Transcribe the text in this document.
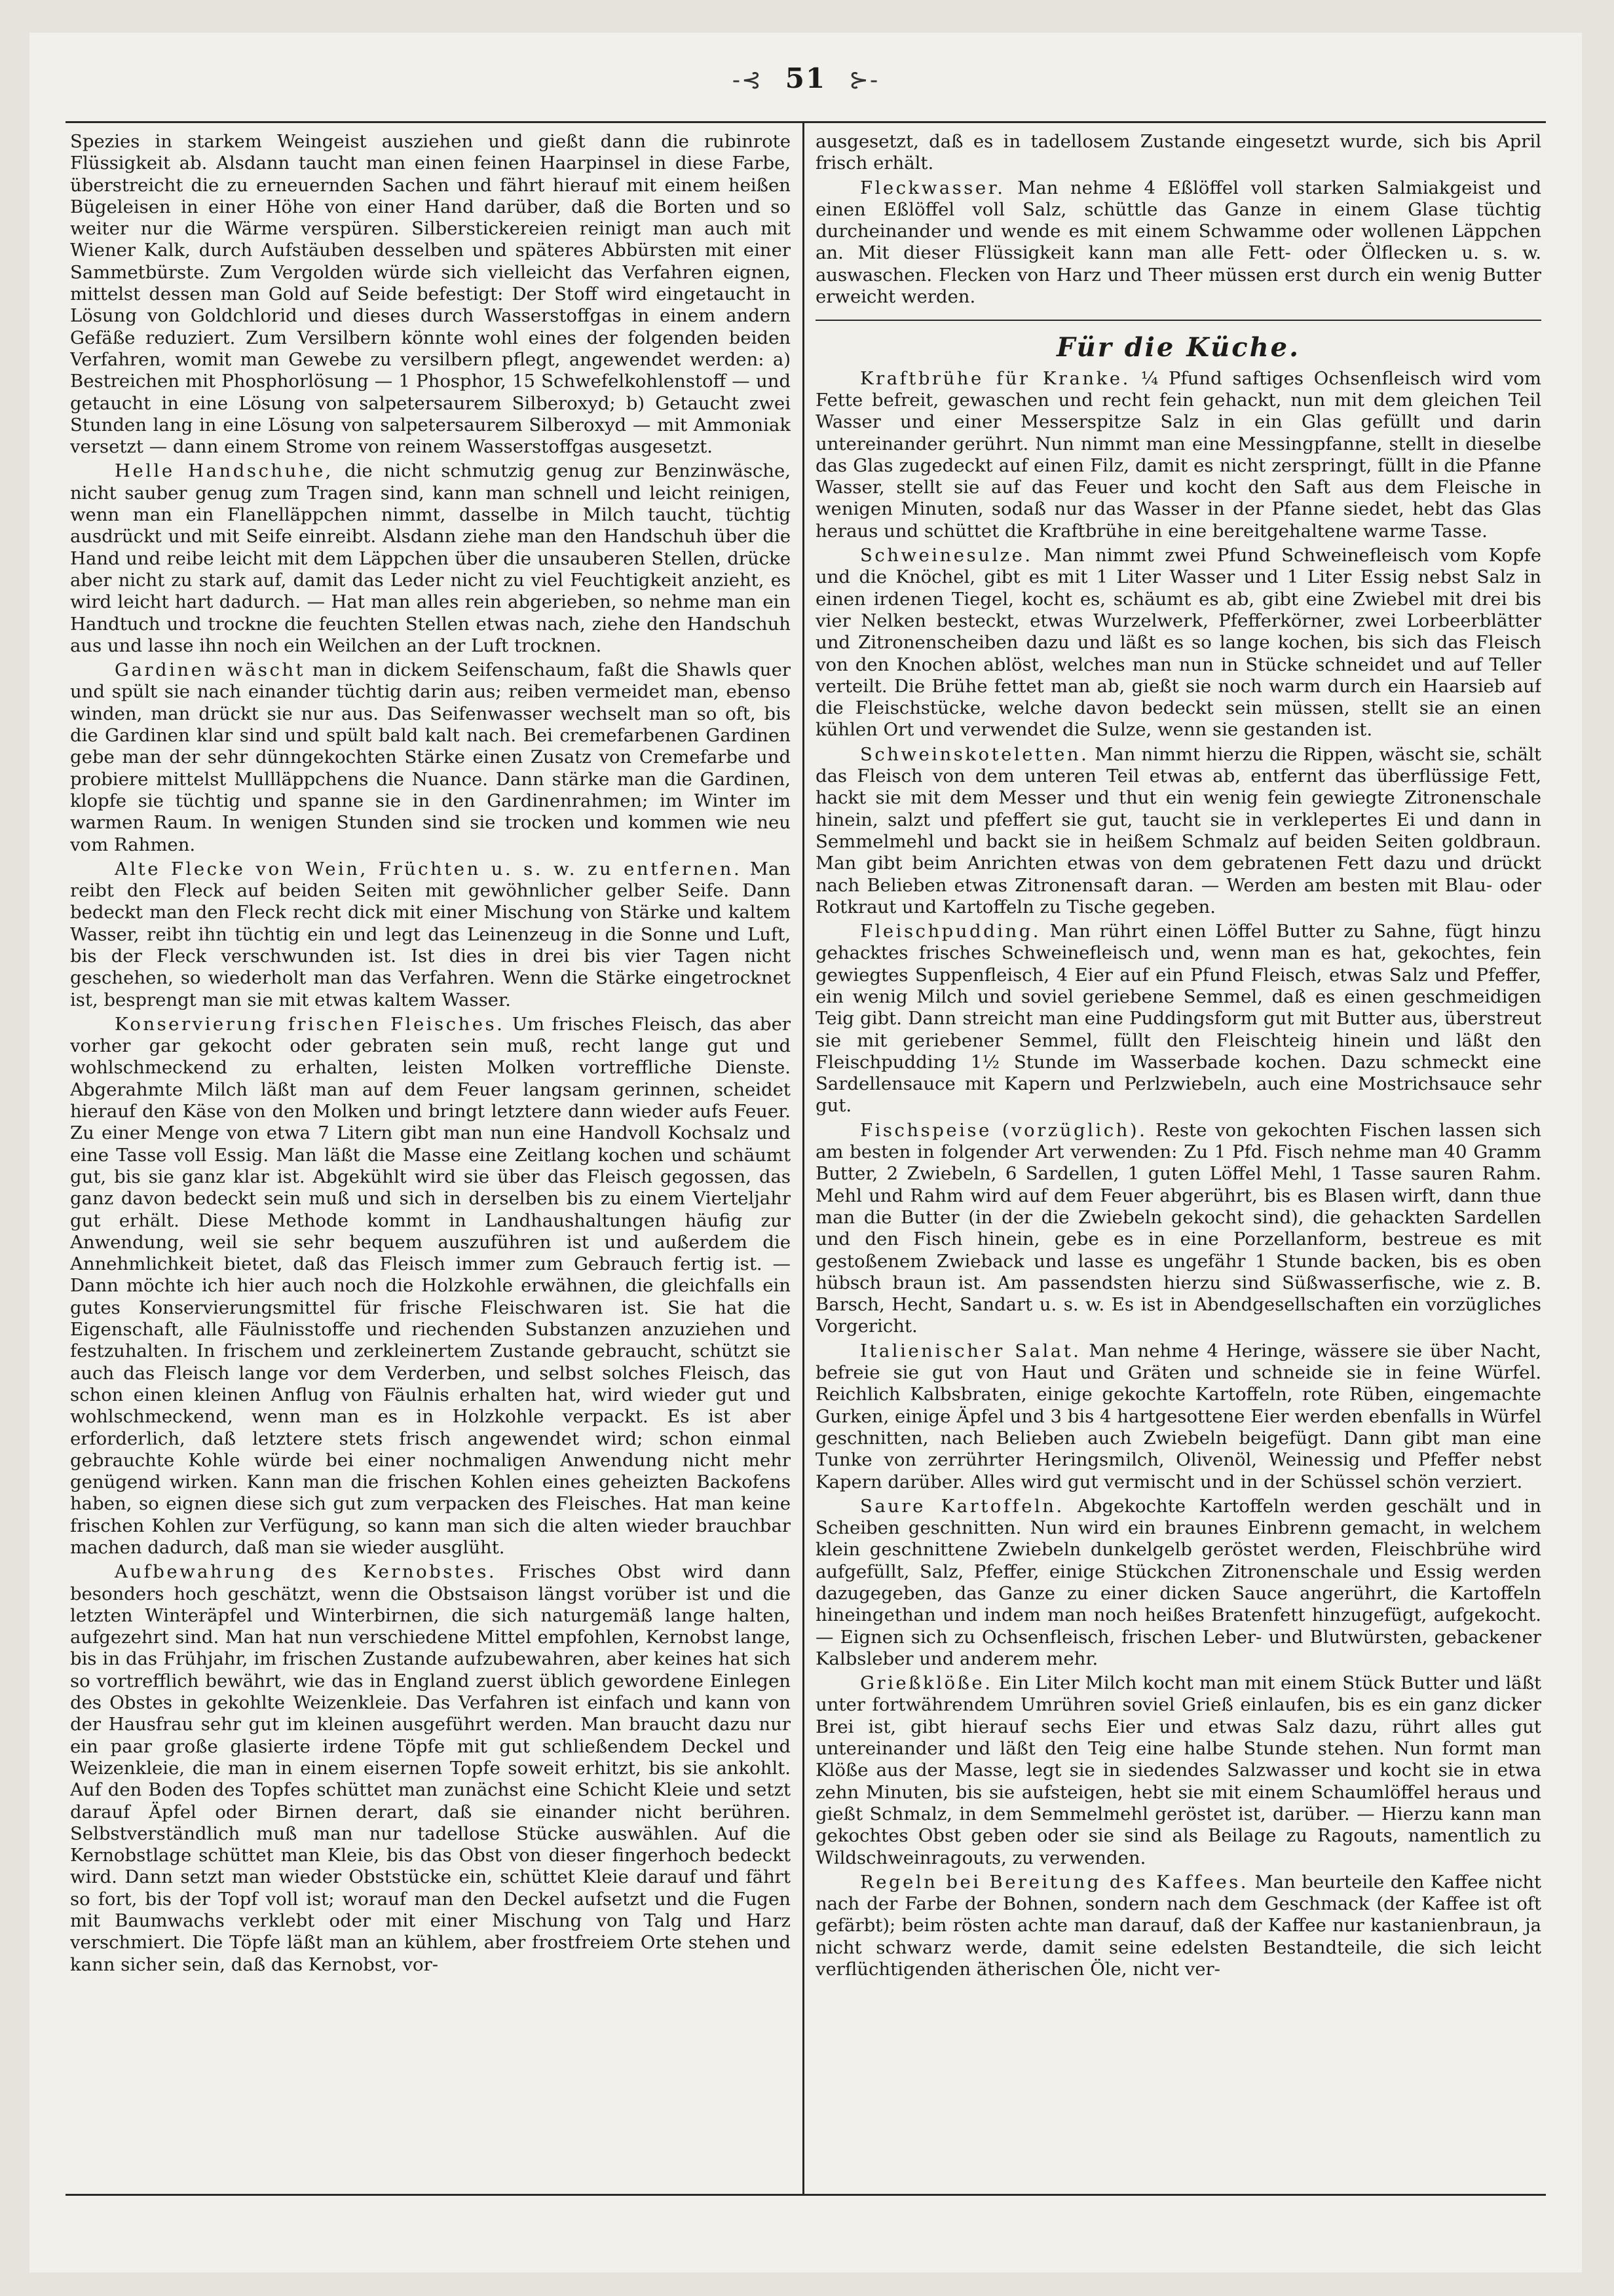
-⊰ 51 ⊱-

Spezies in starkem Weingeist ausziehen und gießt dann die rubinrote Flüssigkeit ab. Alsdann taucht man einen feinen Haarpinsel in diese Farbe, überstreicht die zu erneuernden Sachen und fährt hierauf mit einem heißen Bügeleisen in einer Höhe von einer Hand darüber, daß die Borten und so weiter nur die Wärme verspüren. Silberstickereien reinigt man auch mit Wiener Kalk, durch Aufstäuben desselben und späteres Abbürsten mit einer Sammetbürste. Zum Vergolden würde sich vielleicht das Verfahren eignen, mittelst dessen man Gold auf Seide befestigt: Der Stoff wird eingetaucht in Lösung von Goldchlorid und dieses durch Wasserstoffgas in einem andern Gefäße reduziert. Zum Versilbern könnte wohl eines der folgenden beiden Verfahren, womit man Gewebe zu versilbern pflegt, angewendet werden: a) Bestreichen mit Phosphorlösung — 1 Phosphor, 15 Schwefelkohlenstoff — und getaucht in eine Lösung von salpetersaurem Silberoxyd; b) Getaucht zwei Stunden lang in eine Lösung von salpetersaurem Silberoxyd — mit Ammoniak versetzt — dann einem Strome von reinem Wasserstoffgas ausgesetzt.

Helle Handschuhe, die nicht schmutzig genug zur Benzinwäsche, nicht sauber genug zum Tragen sind, kann man schnell und leicht reinigen, wenn man ein Flanelläppchen nimmt, dasselbe in Milch taucht, tüchtig ausdrückt und mit Seife einreibt. Alsdann ziehe man den Handschuh über die Hand und reibe leicht mit dem Läppchen über die unsauberen Stellen, drücke aber nicht zu stark auf, damit das Leder nicht zu viel Feuchtigkeit anzieht, es wird leicht hart dadurch. — Hat man alles rein abgerieben, so nehme man ein Handtuch und trockne die feuchten Stellen etwas nach, ziehe den Handschuh aus und lasse ihn noch ein Weilchen an der Luft trocknen.

Gardinen wäscht man in dickem Seifenschaum, faßt die Shawls quer und spült sie nach einander tüchtig darin aus; reiben vermeidet man, ebenso winden, man drückt sie nur aus. Das Seifenwasser wechselt man so oft, bis die Gardinen klar sind und spült bald kalt nach. Bei cremefarbenen Gardinen gebe man der sehr dünngekochten Stärke einen Zusatz von Cremefarbe und probiere mittelst Mullläppchens die Nuance. Dann stärke man die Gardinen, klopfe sie tüchtig und spanne sie in den Gardinenrahmen; im Winter im warmen Raum. In wenigen Stunden sind sie trocken und kommen wie neu vom Rahmen.

Alte Flecke von Wein, Früchten u. s. w. zu entfernen. Man reibt den Fleck auf beiden Seiten mit gewöhnlicher gelber Seife. Dann bedeckt man den Fleck recht dick mit einer Mischung von Stärke und kaltem Wasser, reibt ihn tüchtig ein und legt das Leinenzeug in die Sonne und Luft, bis der Fleck verschwunden ist. Ist dies in drei bis vier Tagen nicht geschehen, so wiederholt man das Verfahren. Wenn die Stärke eingetrocknet ist, besprengt man sie mit etwas kaltem Wasser.

Konservierung frischen Fleisches. Um frisches Fleisch, das aber vorher gar gekocht oder gebraten sein muß, recht lange gut und wohlschmeckend zu erhalten, leisten Molken vortreffliche Dienste. Abgerahmte Milch läßt man auf dem Feuer langsam gerinnen, scheidet hierauf den Käse von den Molken und bringt letztere dann wieder aufs Feuer. Zu einer Menge von etwa 7 Litern gibt man nun eine Handvoll Kochsalz und eine Tasse voll Essig. Man läßt die Masse eine Zeitlang kochen und schäumt gut, bis sie ganz klar ist. Abgekühlt wird sie über das Fleisch gegossen, das ganz davon bedeckt sein muß und sich in derselben bis zu einem Vierteljahr gut erhält. Diese Methode kommt in Landhaushaltungen häufig zur Anwendung, weil sie sehr bequem auszuführen ist und außerdem die Annehmlichkeit bietet, daß das Fleisch immer zum Gebrauch fertig ist. — Dann möchte ich hier auch noch die Holzkohle erwähnen, die gleichfalls ein gutes Konservierungsmittel für frische Fleischwaren ist. Sie hat die Eigenschaft, alle Fäulnisstoffe und riechenden Substanzen anzuziehen und festzuhalten. In frischem und zerkleinertem Zustande gebraucht, schützt sie auch das Fleisch lange vor dem Verderben, und selbst solches Fleisch, das schon einen kleinen Anflug von Fäulnis erhalten hat, wird wieder gut und wohlschmeckend, wenn man es in Holzkohle verpackt. Es ist aber erforderlich, daß letztere stets frisch angewendet wird; schon einmal gebrauchte Kohle würde bei einer nochmaligen Anwendung nicht mehr genügend wirken. Kann man die frischen Kohlen eines geheizten Backofens haben, so eignen diese sich gut zum verpacken des Fleisches. Hat man keine frischen Kohlen zur Verfügung, so kann man sich die alten wieder brauchbar machen dadurch, daß man sie wieder ausglüht.

Aufbewahrung des Kernobstes. Frisches Obst wird dann besonders hoch geschätzt, wenn die Obstsaison längst vorüber ist und die letzten Winteräpfel und Winterbirnen, die sich naturgemäß lange halten, aufgezehrt sind. Man hat nun verschiedene Mittel empfohlen, Kernobst lange, bis in das Frühjahr, im frischen Zustande aufzubewahren, aber keines hat sich so vortrefflich bewährt, wie das in England zuerst üblich gewordene Einlegen des Obstes in gekohlte Weizenkleie. Das Verfahren ist einfach und kann von der Hausfrau sehr gut im kleinen ausgeführt werden. Man braucht dazu nur ein paar große glasierte irdene Töpfe mit gut schließendem Deckel und Weizenkleie, die man in einem eisernen Topfe soweit erhitzt, bis sie ankohlt. Auf den Boden des Topfes schüttet man zunächst eine Schicht Kleie und setzt darauf Äpfel oder Birnen derart, daß sie einander nicht berühren. Selbstverständlich muß man nur tadellose Stücke auswählen. Auf die Kernobstlage schüttet man Kleie, bis das Obst von dieser fingerhoch bedeckt wird. Dann setzt man wieder Obststücke ein, schüttet Kleie darauf und fährt so fort, bis der Topf voll ist; worauf man den Deckel aufsetzt und die Fugen mit Baumwachs verklebt oder mit einer Mischung von Talg und Harz verschmiert. Die Töpfe läßt man an kühlem, aber frostfreiem Orte stehen und kann sicher sein, daß das Kernobst, vor-

ausgesetzt, daß es in tadellosem Zustande eingesetzt wurde, sich bis April frisch erhält.

Fleckwasser. Man nehme 4 Eßlöffel voll starken Salmiakgeist und einen Eßlöffel voll Salz, schüttle das Ganze in einem Glase tüchtig durcheinander und wende es mit einem Schwamme oder wollenen Läppchen an. Mit dieser Flüssigkeit kann man alle Fett- oder Ölflecken u. s. w. auswaschen. Flecken von Harz und Theer müssen erst durch ein wenig Butter erweicht werden.

Für die Küche.

Kraftbrühe für Kranke. ¼ Pfund saftiges Ochsenfleisch wird vom Fette befreit, gewaschen und recht fein gehackt, nun mit dem gleichen Teil Wasser und einer Messerspitze Salz in ein Glas gefüllt und darin untereinander gerührt. Nun nimmt man eine Messingpfanne, stellt in dieselbe das Glas zugedeckt auf einen Filz, damit es nicht zerspringt, füllt in die Pfanne Wasser, stellt sie auf das Feuer und kocht den Saft aus dem Fleische in wenigen Minuten, sodaß nur das Wasser in der Pfanne siedet, hebt das Glas heraus und schüttet die Kraftbrühe in eine bereitgehaltene warme Tasse.

Schweinesulze. Man nimmt zwei Pfund Schweinefleisch vom Kopfe und die Knöchel, gibt es mit 1 Liter Wasser und 1 Liter Essig nebst Salz in einen irdenen Tiegel, kocht es, schäumt es ab, gibt eine Zwiebel mit drei bis vier Nelken besteckt, etwas Wurzelwerk, Pfefferkörner, zwei Lorbeerblätter und Zitronenscheiben dazu und läßt es so lange kochen, bis sich das Fleisch von den Knochen ablöst, welches man nun in Stücke schneidet und auf Teller verteilt. Die Brühe fettet man ab, gießt sie noch warm durch ein Haarsieb auf die Fleischstücke, welche davon bedeckt sein müssen, stellt sie an einen kühlen Ort und verwendet die Sulze, wenn sie gestanden ist.

Schweinskoteletten. Man nimmt hierzu die Rippen, wäscht sie, schält das Fleisch von dem unteren Teil etwas ab, entfernt das überflüssige Fett, hackt sie mit dem Messer und thut ein wenig fein gewiegte Zitronenschale hinein, salzt und pfeffert sie gut, taucht sie in verklepertes Ei und dann in Semmelmehl und backt sie in heißem Schmalz auf beiden Seiten goldbraun. Man gibt beim Anrichten etwas von dem gebratenen Fett dazu und drückt nach Belieben etwas Zitronensaft daran. — Werden am besten mit Blau- oder Rotkraut und Kartoffeln zu Tische gegeben.

Fleischpudding. Man rührt einen Löffel Butter zu Sahne, fügt hinzu gehacktes frisches Schweinefleisch und, wenn man es hat, gekochtes, fein gewiegtes Suppenfleisch, 4 Eier auf ein Pfund Fleisch, etwas Salz und Pfeffer, ein wenig Milch und soviel geriebene Semmel, daß es einen geschmeidigen Teig gibt. Dann streicht man eine Puddingsform gut mit Butter aus, überstreut sie mit geriebener Semmel, füllt den Fleischteig hinein und läßt den Fleischpudding 1½ Stunde im Wasserbade kochen. Dazu schmeckt eine Sardellensauce mit Kapern und Perlzwiebeln, auch eine Mostrichsauce sehr gut.

Fischspeise (vorzüglich). Reste von gekochten Fischen lassen sich am besten in folgender Art verwenden: Zu 1 Pfd. Fisch nehme man 40 Gramm Butter, 2 Zwiebeln, 6 Sardellen, 1 guten Löffel Mehl, 1 Tasse sauren Rahm. Mehl und Rahm wird auf dem Feuer abgerührt, bis es Blasen wirft, dann thue man die Butter (in der die Zwiebeln gekocht sind), die gehackten Sardellen und den Fisch hinein, gebe es in eine Porzellanform, bestreue es mit gestoßenem Zwieback und lasse es ungefähr 1 Stunde backen, bis es oben hübsch braun ist. Am passendsten hierzu sind Süßwasserfische, wie z. B. Barsch, Hecht, Sandart u. s. w. Es ist in Abendgesellschaften ein vorzügliches Vorgericht.

Italienischer Salat. Man nehme 4 Heringe, wässere sie über Nacht, befreie sie gut von Haut und Gräten und schneide sie in feine Würfel. Reichlich Kalbsbraten, einige gekochte Kartoffeln, rote Rüben, eingemachte Gurken, einige Äpfel und 3 bis 4 hartgesottene Eier werden ebenfalls in Würfel geschnitten, nach Belieben auch Zwiebeln beigefügt. Dann gibt man eine Tunke von zerrührter Heringsmilch, Olivenöl, Weinessig und Pfeffer nebst Kapern darüber. Alles wird gut vermischt und in der Schüssel schön verziert.

Saure Kartoffeln. Abgekochte Kartoffeln werden geschält und in Scheiben geschnitten. Nun wird ein braunes Einbrenn gemacht, in welchem klein geschnittene Zwiebeln dunkelgelb geröstet werden, Fleischbrühe wird aufgefüllt, Salz, Pfeffer, einige Stückchen Zitronenschale und Essig werden dazugegeben, das Ganze zu einer dicken Sauce angerührt, die Kartoffeln hineingethan und indem man noch heißes Bratenfett hinzugefügt, aufgekocht. — Eignen sich zu Ochsenfleisch, frischen Leber- und Blutwürsten, gebackener Kalbsleber und anderem mehr.

Grießklöße. Ein Liter Milch kocht man mit einem Stück Butter und läßt unter fortwährendem Umrühren soviel Grieß einlaufen, bis es ein ganz dicker Brei ist, gibt hierauf sechs Eier und etwas Salz dazu, rührt alles gut untereinander und läßt den Teig eine halbe Stunde stehen. Nun formt man Klöße aus der Masse, legt sie in siedendes Salzwasser und kocht sie in etwa zehn Minuten, bis sie aufsteigen, hebt sie mit einem Schaumlöffel heraus und gießt Schmalz, in dem Semmelmehl geröstet ist, darüber. — Hierzu kann man gekochtes Obst geben oder sie sind als Beilage zu Ragouts, namentlich zu Wildschweinragouts, zu verwenden.

Regeln bei Bereitung des Kaffees. Man beurteile den Kaffee nicht nach der Farbe der Bohnen, sondern nach dem Geschmack (der Kaffee ist oft gefärbt); beim rösten achte man darauf, daß der Kaffee nur kastanienbraun, ja nicht schwarz werde, damit seine edelsten Bestandteile, die sich leicht verflüchtigenden ätherischen Öle, nicht ver-
